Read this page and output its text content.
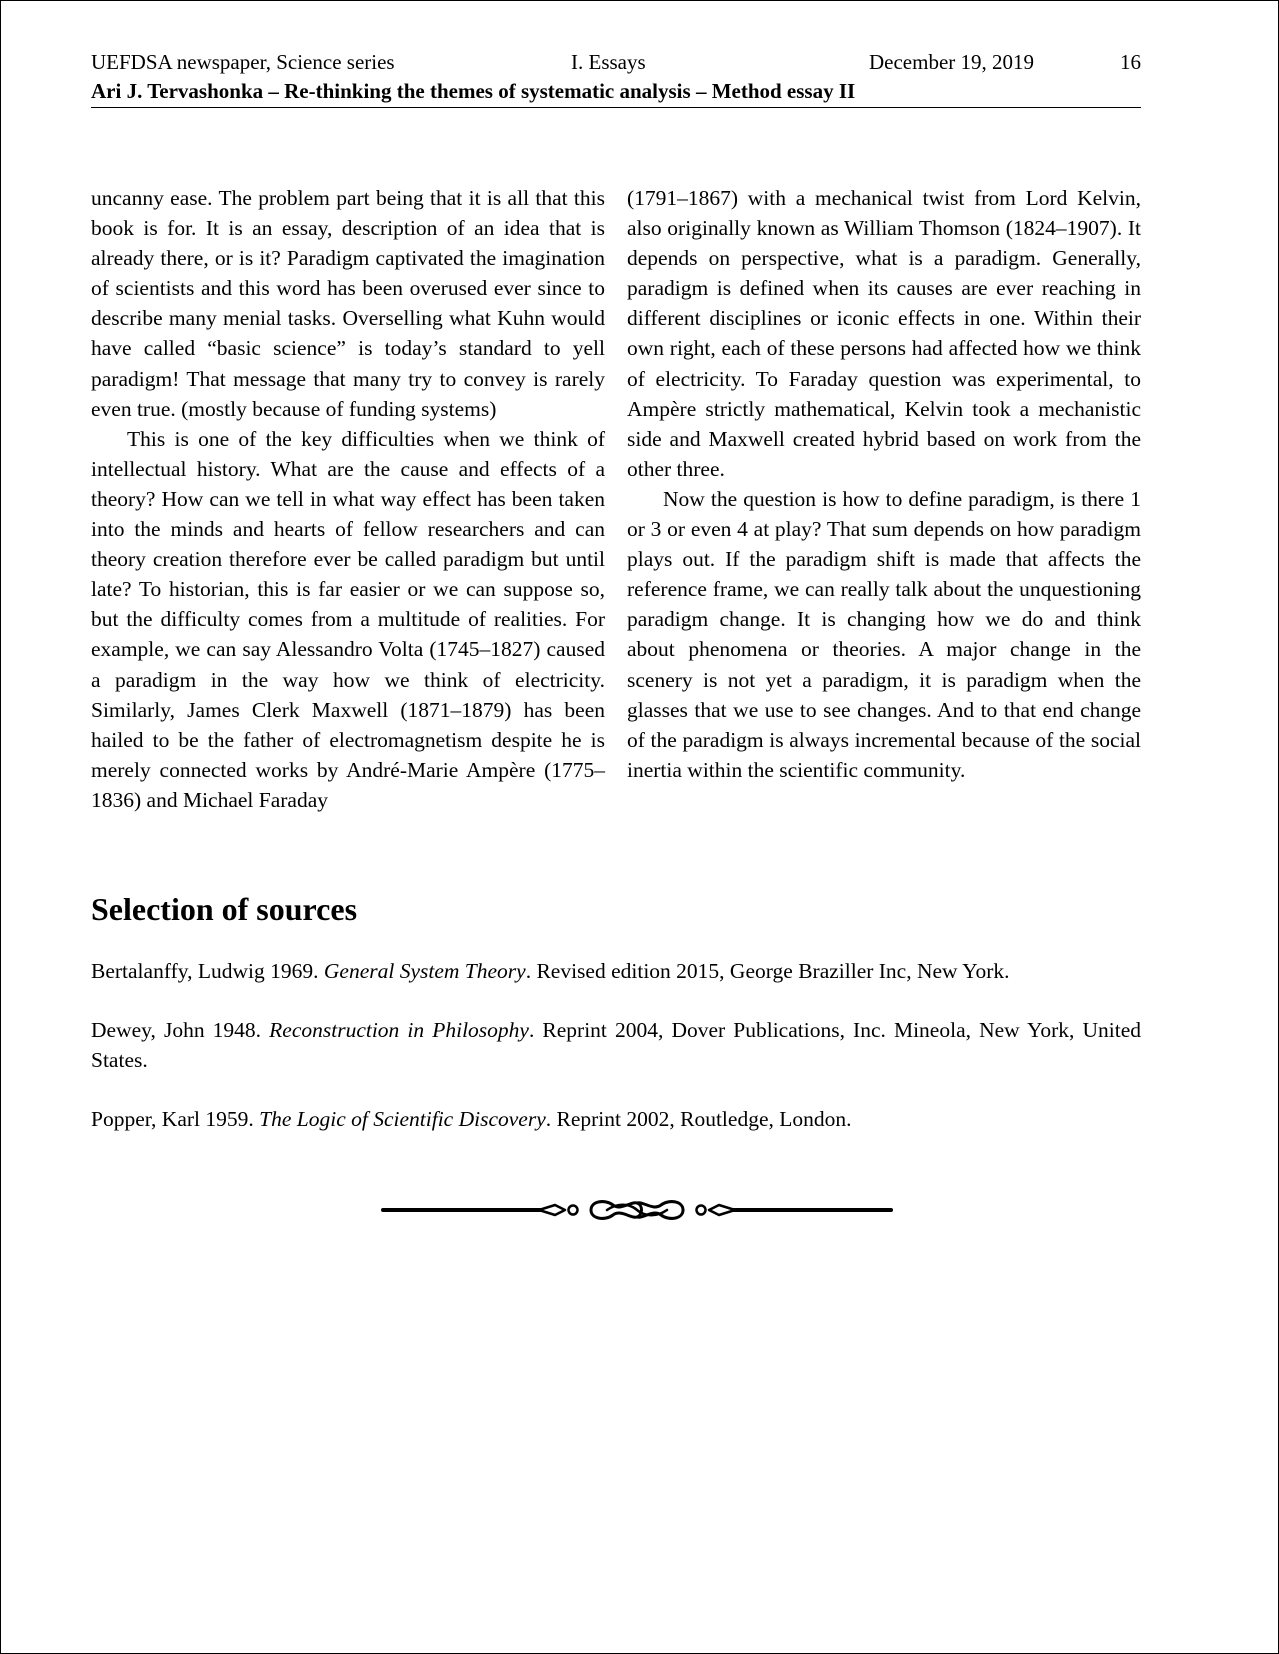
UEFDSA newspaper, Science series	I. Essays	December 19, 2019	16
Ari J. Tervashonka – Re-thinking the themes of systematic analysis – Method essay II

uncanny ease. The problem part being that it is all that this book is for. It is an essay, description of an idea that is already there, or is it? Paradigm captivated the imagination of scientists and this word has been overused ever since to describe many menial tasks. Overselling what Kuhn would have called “basic science” is today’s standard to yell paradigm! That message that many try to convey is rarely even true. (mostly because of funding systems)

This is one of the key difficulties when we think of intellectual history. What are the cause and effects of a theory? How can we tell in what way effect has been taken into the minds and hearts of fellow researchers and can theory creation therefore ever be called paradigm but until late? To historian, this is far easier or we can suppose so, but the difficulty comes from a multitude of realities. For example, we can say Alessandro Volta (1745–1827) caused a paradigm in the way how we think of electricity. Similarly, James Clerk Maxwell (1871–1879) has been hailed to be the father of electromagnetism despite he is merely connected works by André-Marie Ampère (1775–1836) and Michael Faraday

(1791–1867) with a mechanical twist from Lord Kelvin, also originally known as William Thomson (1824–1907). It depends on perspective, what is a paradigm. Generally, paradigm is defined when its causes are ever reaching in different disciplines or iconic effects in one. Within their own right, each of these persons had affected how we think of electricity. To Faraday question was experimental, to Ampère strictly mathematical, Kelvin took a mechanistic side and Maxwell created hybrid based on work from the other three.

Now the question is how to define paradigm, is there 1 or 3 or even 4 at play? That sum depends on how paradigm plays out. If the paradigm shift is made that affects the reference frame, we can really talk about the unquestioning paradigm change. It is changing how we do and think about phenomena or theories. A major change in the scenery is not yet a paradigm, it is paradigm when the glasses that we use to see changes. And to that end change of the paradigm is always incremental because of the social inertia within the scientific community.

Selection of sources

Bertalanffy, Ludwig 1969. General System Theory. Revised edition 2015, George Braziller Inc, New York.

Dewey, John 1948. Reconstruction in Philosophy. Reprint 2004, Dover Publications, Inc. Mineola, New York, United States.

Popper, Karl 1959. The Logic of Scientific Discovery. Reprint 2002, Routledge, London.
